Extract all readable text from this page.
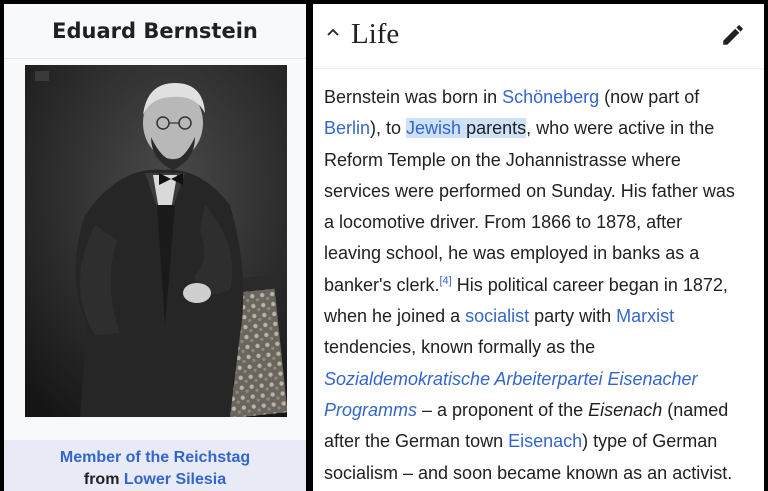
Eduard Bernstein
Member of the Reichstag
from Lower Silesia
Life
Bernstein was born in Schöneberg (now part of
Berlin), to Jewish parents, who were active in the
Reform Temple on the Johannistrasse where
services were performed on Sunday. His father was
a locomotive driver. From 1866 to 1878, after
leaving school, he was employed in banks as a
banker's clerk.[4] His political career began in 1872,
when he joined a socialist party with Marxist
tendencies, known formally as the
Sozialdemokratische Arbeiterpartei Eisenacher
Programms – a proponent of the Eisenach (named
after the German town Eisenach) type of German
socialism – and soon became known as an activist.
